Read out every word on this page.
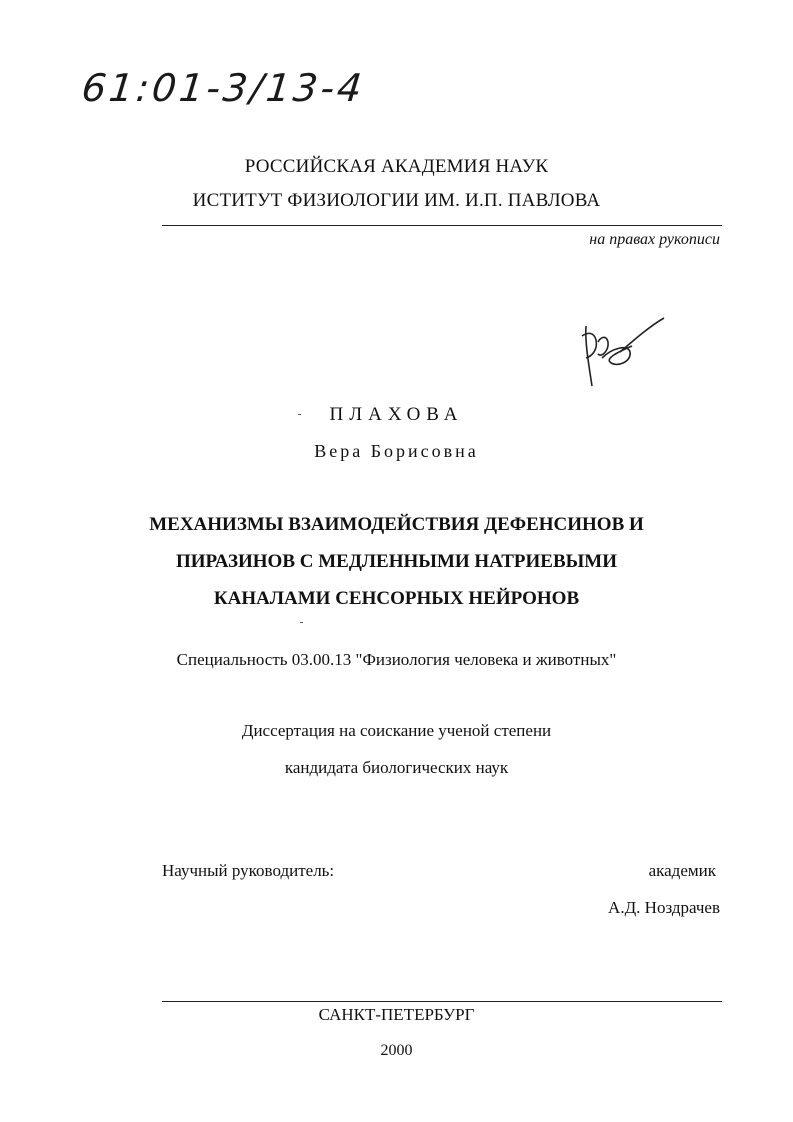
61:01-3/13-4
РОССИЙСКАЯ АКАДЕМИЯ НАУК
ИСТИТУТ ФИЗИОЛОГИИ ИМ. И.П. ПАВЛОВА
на правах рукописи
ПЛАХОВА
Вера Борисовна
МЕХАНИЗМЫ ВЗАИМОДЕЙСТВИЯ ДЕФЕНСИНОВ И
ПИРАЗИНОВ С МЕДЛЕННЫМИ НАТРИЕВЫМИ
КАНАЛАМИ СЕНСОРНЫХ НЕЙРОНОВ
Специальность 03.00.13 "Физиология человека и животных"
Диссертация на соискание ученой степени
кандидата биологических наук
Научный руководитель:	академик
А.Д. Ноздрачев
САНКТ-ПЕТЕРБУРГ
2000
